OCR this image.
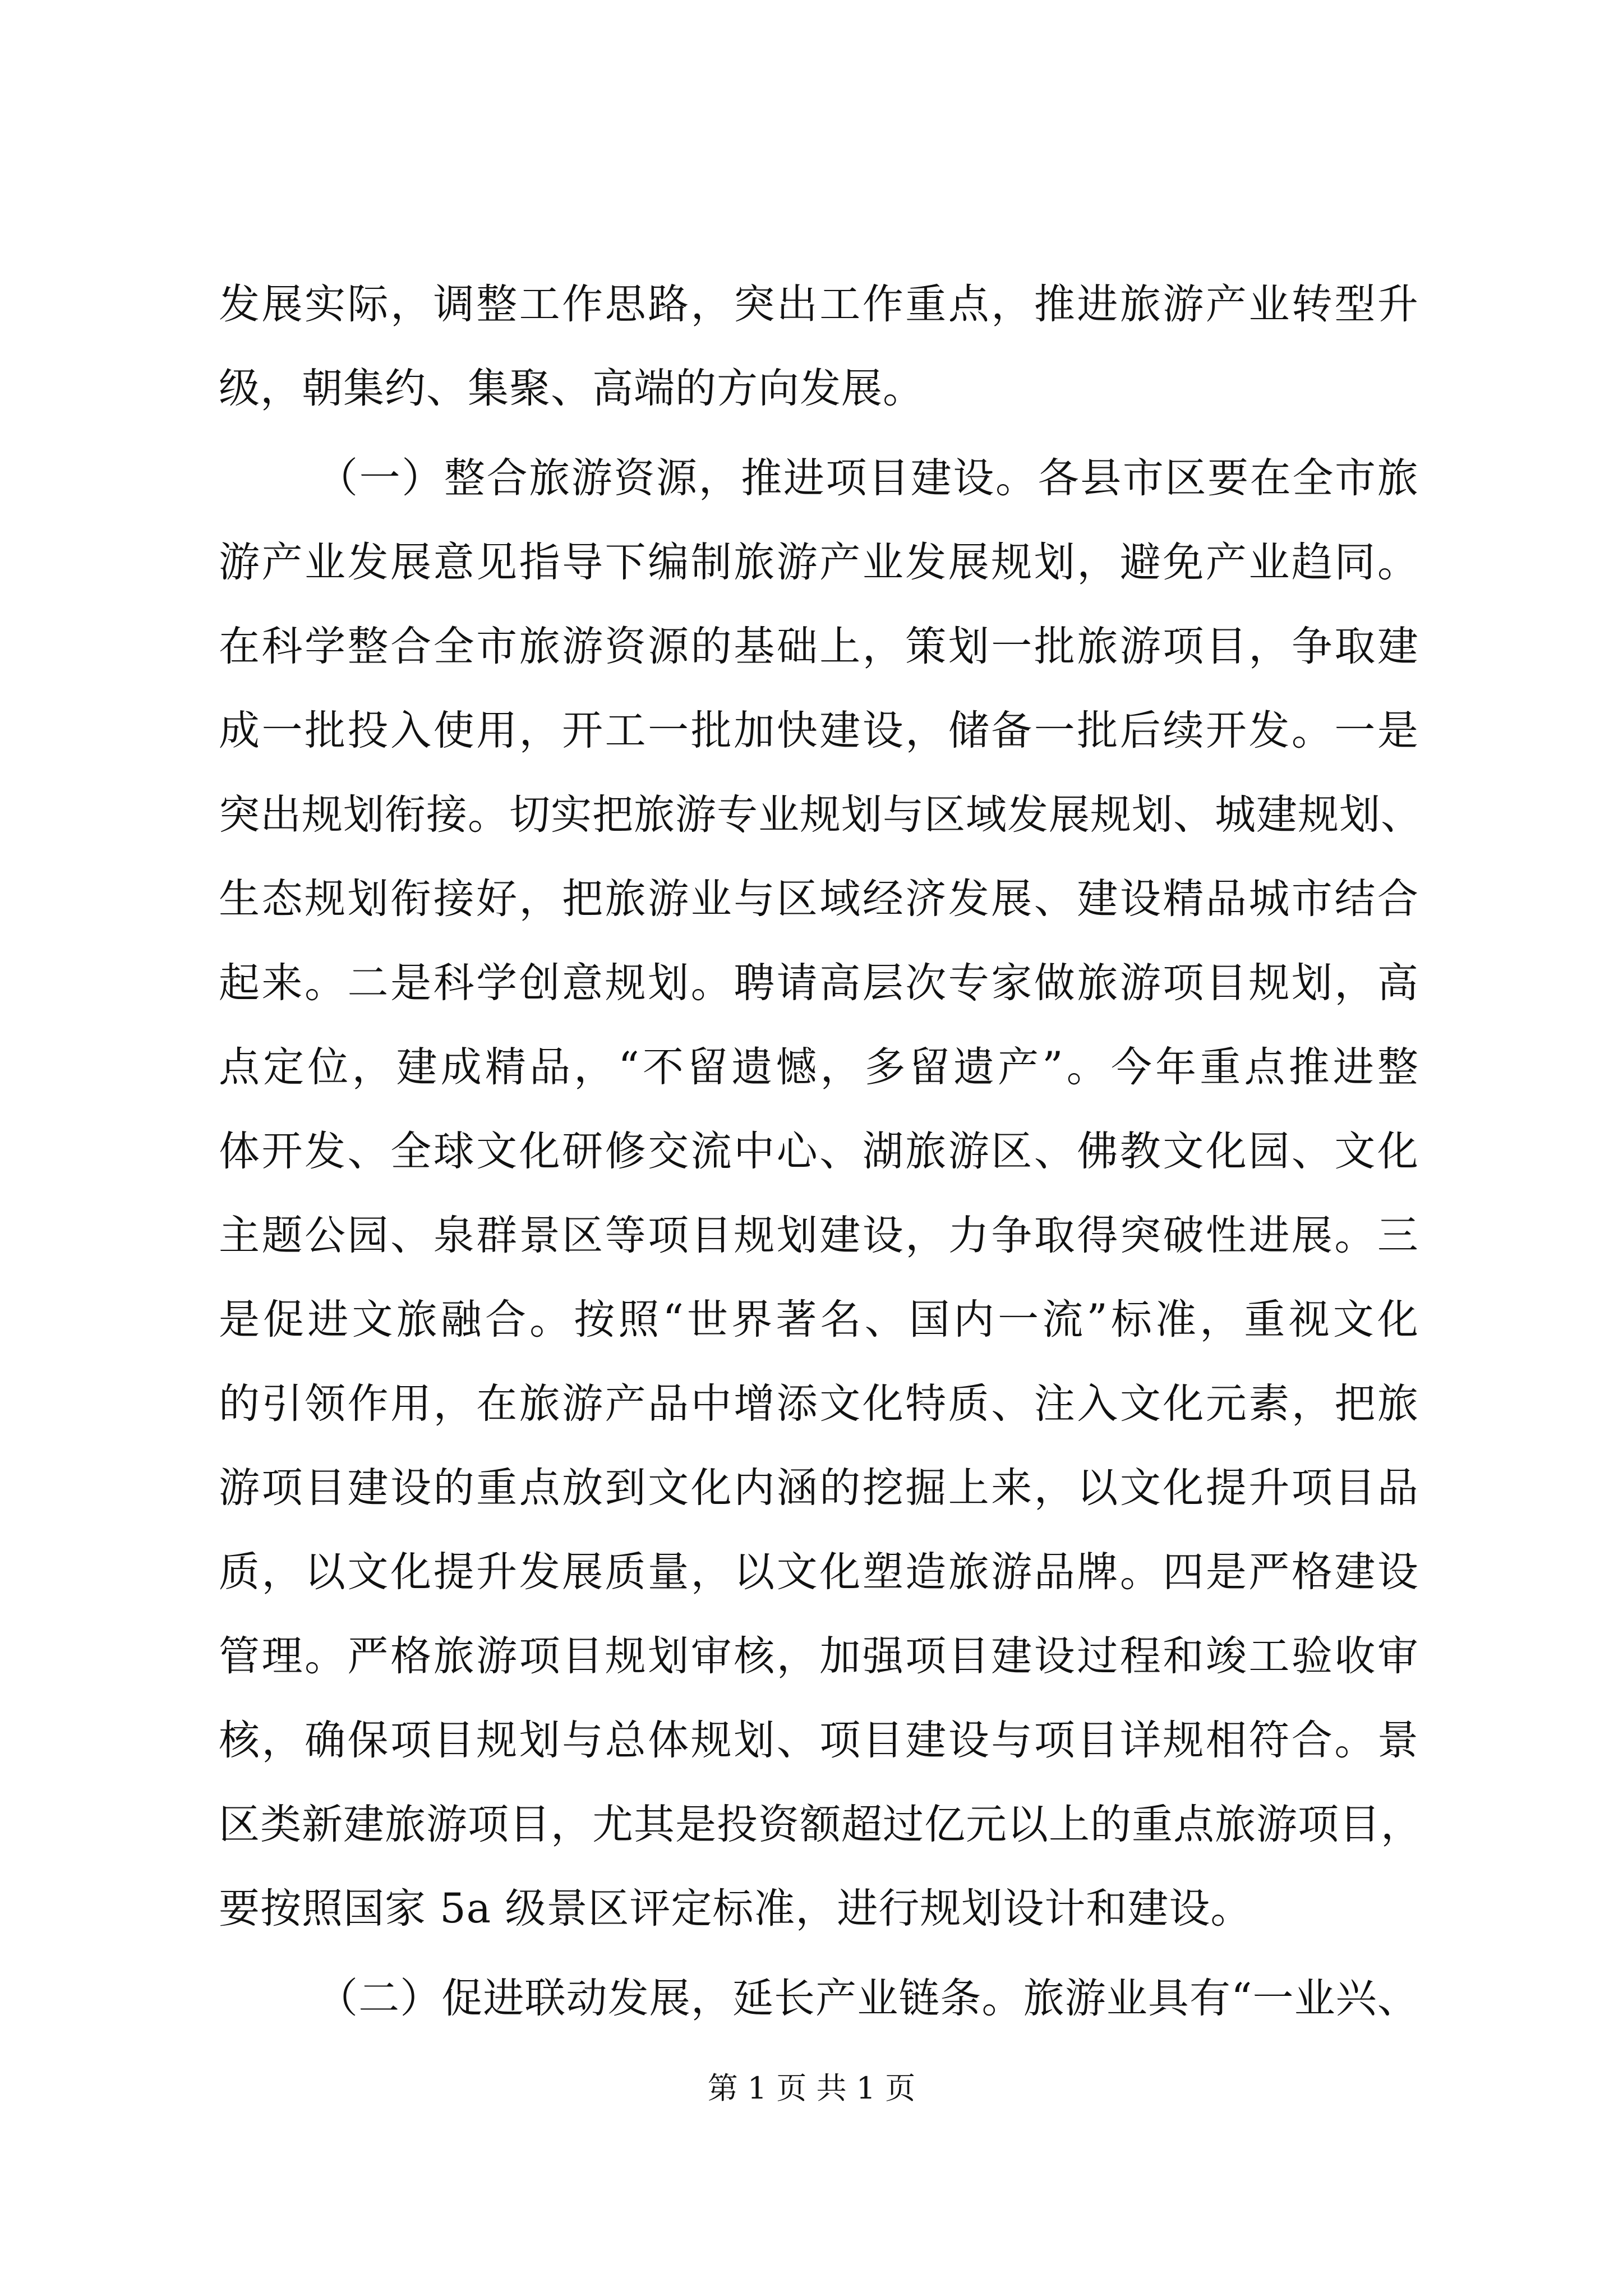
发 展 实 际 ， 调 整 工 作 思 路 ， 突 出 工 作 重 点 ， 推 进 旅 游 产 业 转 型 升
级，朝集约、集聚、高端的方向发展。
（ 一 ） 整 合 旅 游 资 源 ， 推 进 项 目 建 设 。 各 县 市 区 要 在 全 市 旅
游 产 业 发 展 意 见 指 导 下 编 制 旅 游 产 业 发 展 规 划 ， 避 免 产 业 趋 同 。
在 科 学 整 合 全 市 旅 游 资 源 的 基 础 上 ， 策 划 一 批 旅 游 项 目 ， 争 取 建
成 一 批 投 入 使 用 ， 开 工 一 批 加 快 建 设 ， 储 备 一 批 后 续 开 发 。 一 是
突 出 规 划 衔 接 。 切 实 把 旅 游 专 业 规 划 与 区 域 发 展 规 划 、 城 建 规 划 、
生 态 规 划 衔 接 好 ， 把 旅 游 业 与 区 域 经 济 发 展 、 建 设 精 品 城 市 结 合
起 来 。 二 是 科 学 创 意 规 划 。 聘 请 高 层 次 专 家 做 旅 游 项 目 规 划 ， 高
点 定 位 ， 建 成 精 品 ， “ 不 留 遗 憾 ， 多 留 遗 产 ” 。 今 年 重 点 推 进 整
体 开 发 、 全 球 文 化 研 修 交 流 中 心 、 湖 旅 游 区 、 佛 教 文 化 园 、 文 化
主 题 公 园 、 泉 群 景 区 等 项 目 规 划 建 设 ， 力 争 取 得 突 破 性 进 展 。 三
是 促 进 文 旅 融 合 。 按 照 “ 世 界 著 名 、 国 内 一 流 ” 标 准 ， 重 视 文 化
的 引 领 作 用 ， 在 旅 游 产 品 中 增 添 文 化 特 质 、 注 入 文 化 元 素 ， 把 旅
游 项 目 建 设 的 重 点 放 到 文 化 内 涵 的 挖 掘 上 来 ， 以 文 化 提 升 项 目 品
质 ， 以 文 化 提 升 发 展 质 量 ， 以 文 化 塑 造 旅 游 品 牌 。 四 是 严 格 建 设
管 理 。 严 格 旅 游 项 目 规 划 审 核 ， 加 强 项 目 建 设 过 程 和 竣 工 验 收 审
核 ， 确 保 项 目 规 划 与 总 体 规 划 、 项 目 建 设 与 项 目 详 规 相 符 合 。 景
区 类 新 建 旅 游 项 目 ， 尤 其 是 投 资 额 超 过 亿 元 以 上 的 重 点 旅 游 项 目 ，
要按照国家 5a 级景区评定标准，进行规划设计和建设。
（ 二 ） 促 进 联 动 发 展 ， 延 长 产 业 链 条 。 旅 游 业 具 有 “ 一 业 兴 、
第 1 页 共 1 页
